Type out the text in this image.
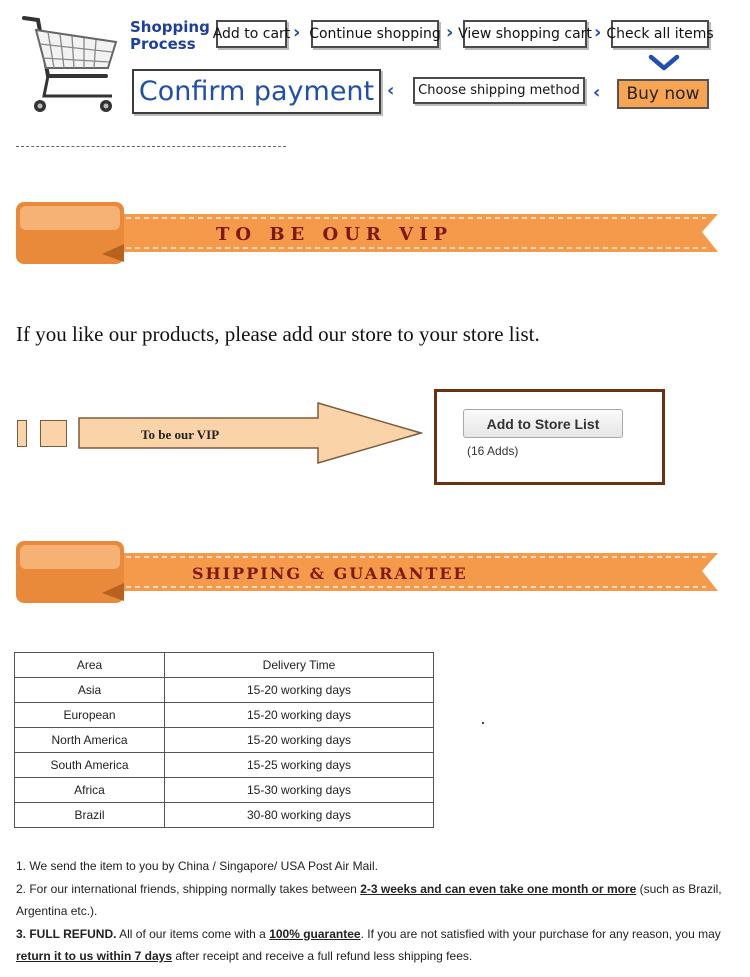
Shopping
Process
Add to cart › Continue shopping › View shopping cart › Check all items
Confirm payment ‹	Choose shipping method ‹	Buy now
TO BE OUR VIP
If you like our products, please add our store to your store list.
To be our VIP
Add to Store List
(16 Adds)
SHIPPING & GUARANTEE
Area	Delivery Time
Asia	15-20 working days
European	15-20 working days
North America	15-20 working days
South America	15-25 working days
Africa	15-30 working days
Brazil	30-80 working days
1. We send the item to you by China / Singapore/ USA Post Air Mail.
2. For our international friends, shipping normally takes between 2-3 weeks and can even take one month or more (such as Brazil, Argentina etc.).
3. FULL REFUND. All of our items come with a 100% guarantee. If you are not satisfied with your purchase for any reason, you may return it to us within 7 days after receipt and receive a full refund less shipping fees.
